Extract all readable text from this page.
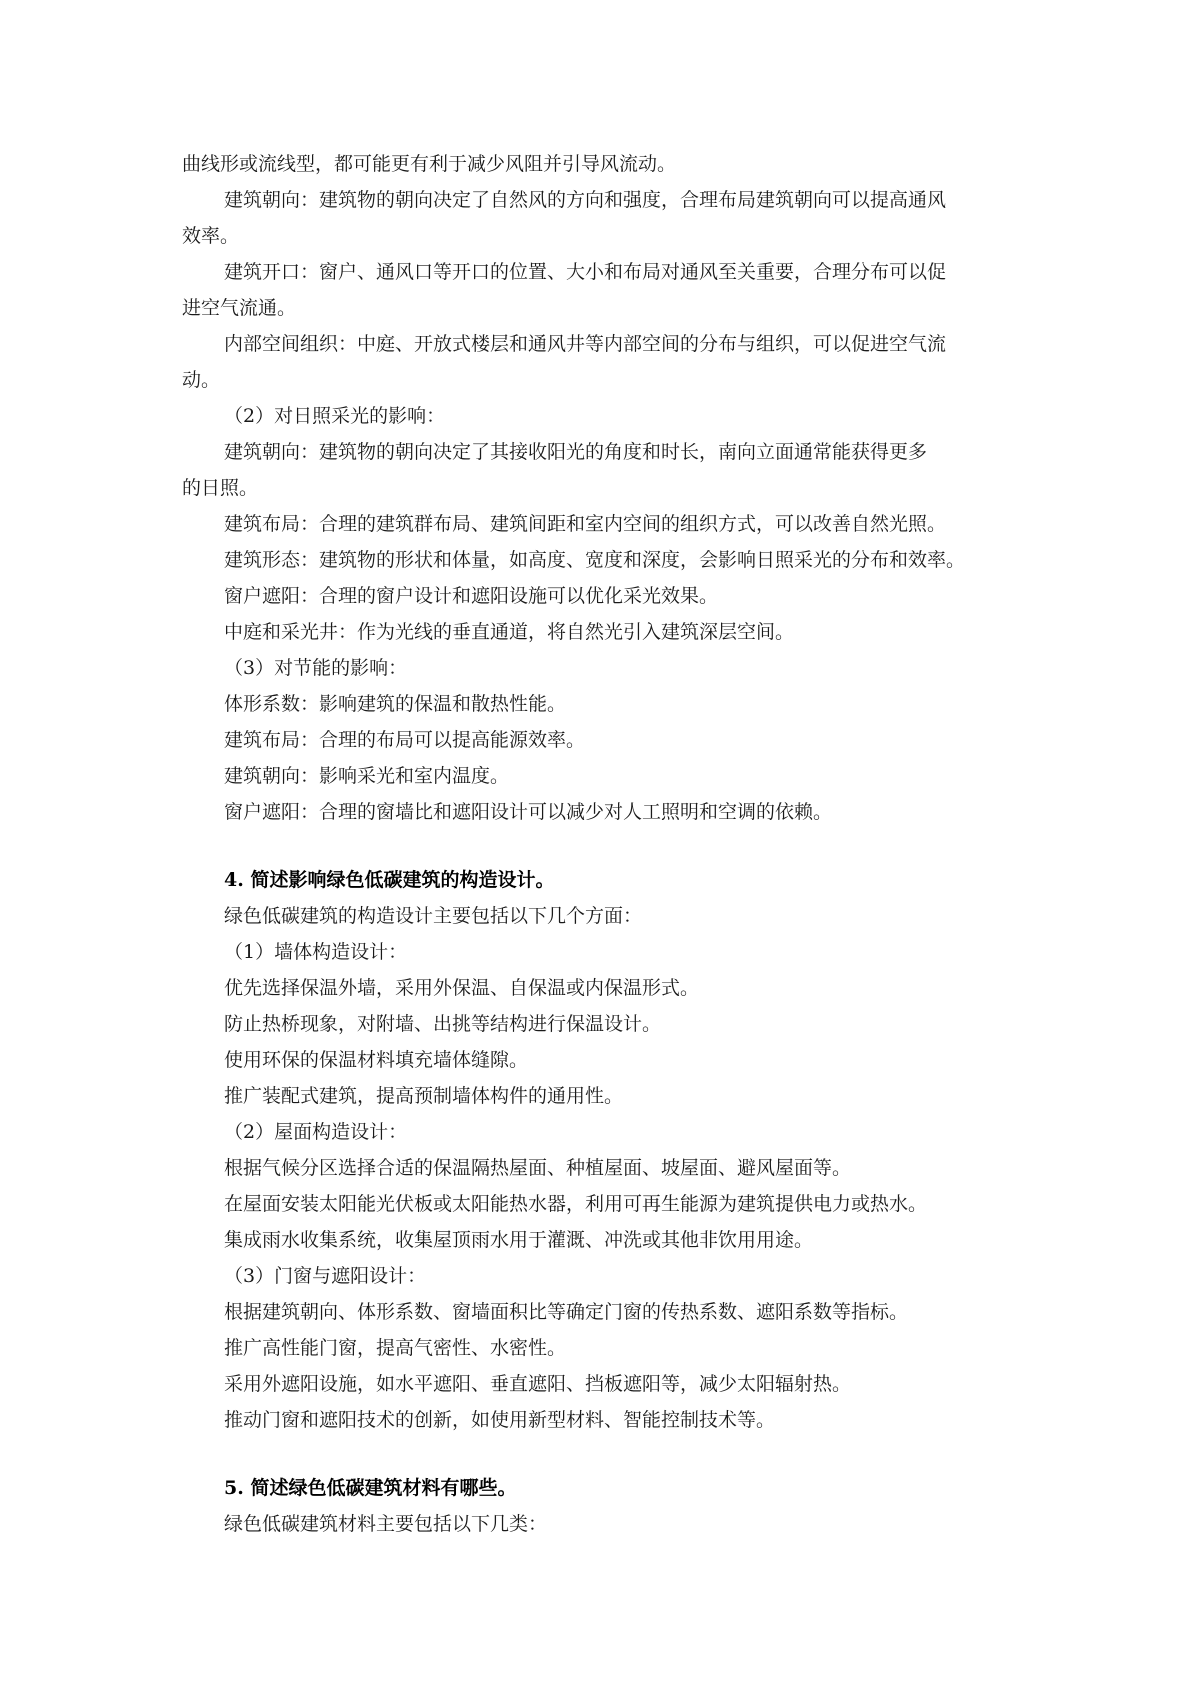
曲线形或流线型，都可能更有利于减少风阻并引导风流动。
建筑朝向：建筑物的朝向决定了自然风的方向和强度，合理布局建筑朝向可以提高通风
效率。
建筑开口：窗户、通风口等开口的位置、大小和布局对通风至关重要，合理分布可以促
进空气流通。
内部空间组织：中庭、开放式楼层和通风井等内部空间的分布与组织，可以促进空气流
动。
（2）对日照采光的影响：
建筑朝向：建筑物的朝向决定了其接收阳光的角度和时长，南向立面通常能获得更多
的日照。
建筑布局：合理的建筑群布局、建筑间距和室内空间的组织方式，可以改善自然光照。
建筑形态：建筑物的形状和体量，如高度、宽度和深度，会影响日照采光的分布和效率。
窗户遮阳：合理的窗户设计和遮阳设施可以优化采光效果。
中庭和采光井：作为光线的垂直通道，将自然光引入建筑深层空间。
（3）对节能的影响：
体形系数：影响建筑的保温和散热性能。
建筑布局：合理的布局可以提高能源效率。
建筑朝向：影响采光和室内温度。
窗户遮阳：合理的窗墙比和遮阳设计可以减少对人工照明和空调的依赖。
4. 简述影响绿色低碳建筑的构造设计。
绿色低碳建筑的构造设计主要包括以下几个方面：
（1）墙体构造设计：
优先选择保温外墙，采用外保温、自保温或内保温形式。
防止热桥现象，对附墙、出挑等结构进行保温设计。
使用环保的保温材料填充墙体缝隙。
推广装配式建筑，提高预制墙体构件的通用性。
（2）屋面构造设计：
根据气候分区选择合适的保温隔热屋面、种植屋面、坡屋面、避风屋面等。
在屋面安装太阳能光伏板或太阳能热水器，利用可再生能源为建筑提供电力或热水。
集成雨水收集系统，收集屋顶雨水用于灌溉、冲洗或其他非饮用用途。
（3）门窗与遮阳设计：
根据建筑朝向、体形系数、窗墙面积比等确定门窗的传热系数、遮阳系数等指标。
推广高性能门窗，提高气密性、水密性。
采用外遮阳设施，如水平遮阳、垂直遮阳、挡板遮阳等，减少太阳辐射热。
推动门窗和遮阳技术的创新，如使用新型材料、智能控制技术等。
5. 简述绿色低碳建筑材料有哪些。
绿色低碳建筑材料主要包括以下几类：
